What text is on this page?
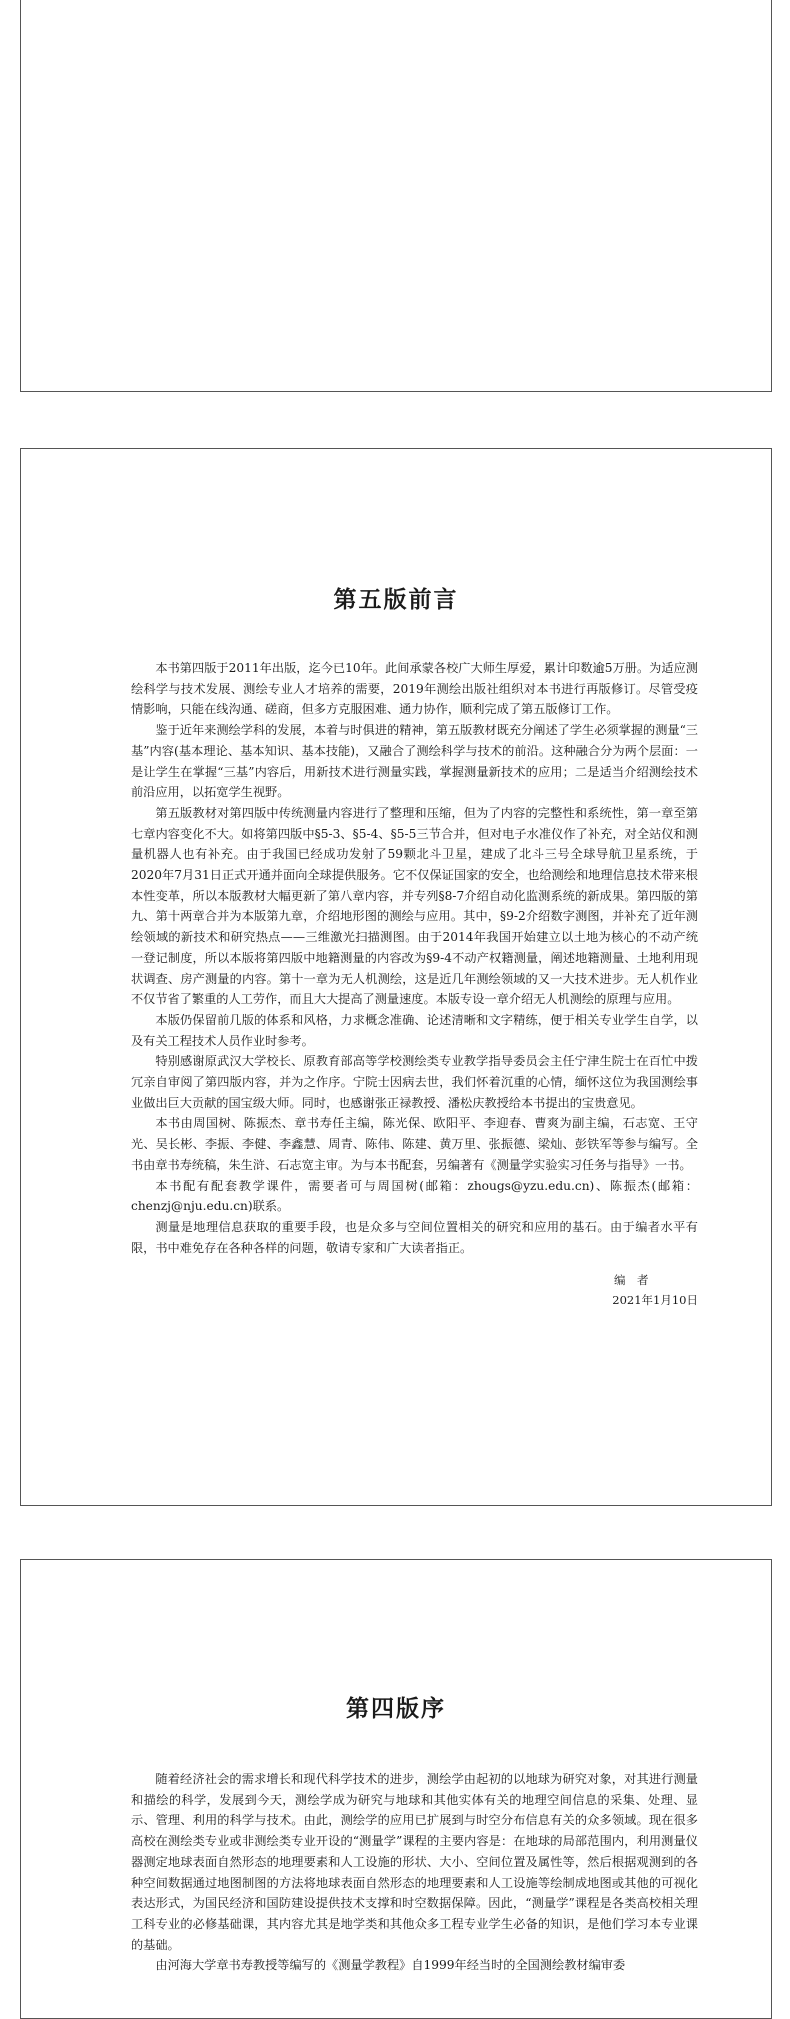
第五版前言

本书第四版于2011年出版，迄今已10年。此间承蒙各校广大师生厚爱，累计印数逾5万册。为适应测绘科学与技术发展、测绘专业人才培养的需要，2019年测绘出版社组织对本书进行再版修订。尽管受疫情影响，只能在线沟通、磋商，但多方克服困难、通力协作，顺利完成了第五版修订工作。

鉴于近年来测绘学科的发展，本着与时俱进的精神，第五版教材既充分阐述了学生必须掌握的测量“三基”内容(基本理论、基本知识、基本技能)，又融合了测绘科学与技术的前沿。这种融合分为两个层面：一是让学生在掌握“三基”内容后，用新技术进行测量实践，掌握测量新技术的应用；二是适当介绍测绘技术前沿应用，以拓宽学生视野。

第五版教材对第四版中传统测量内容进行了整理和压缩，但为了内容的完整性和系统性，第一章至第七章内容变化不大。如将第四版中§5-3、§5-4、§5-5三节合并，但对电子水准仪作了补充，对全站仪和测量机器人也有补充。由于我国已经成功发射了59颗北斗卫星，建成了北斗三号全球导航卫星系统，于2020年7月31日正式开通并面向全球提供服务。它不仅保证国家的安全，也给测绘和地理信息技术带来根本性变革，所以本版教材大幅更新了第八章内容，并专列§8-7介绍自动化监测系统的新成果。第四版的第九、第十两章合并为本版第九章，介绍地形图的测绘与应用。其中，§9-2介绍数字测图，并补充了近年测绘领域的新技术和研究热点——三维激光扫描测图。由于2014年我国开始建立以土地为核心的不动产统一登记制度，所以本版将第四版中地籍测量的内容改为§9-4不动产权籍测量，阐述地籍测量、土地利用现状调查、房产测量的内容。第十一章为无人机测绘，这是近几年测绘领域的又一大技术进步。无人机作业不仅节省了繁重的人工劳作，而且大大提高了测量速度。本版专设一章介绍无人机测绘的原理与应用。

本版仍保留前几版的体系和风格，力求概念准确、论述清晰和文字精练，便于相关专业学生自学，以及有关工程技术人员作业时参考。

特别感谢原武汉大学校长、原教育部高等学校测绘类专业教学指导委员会主任宁津生院士在百忙中拨冗亲自审阅了第四版内容，并为之作序。宁院士因病去世，我们怀着沉重的心情，缅怀这位为我国测绘事业做出巨大贡献的国宝级大师。同时，也感谢张正禄教授、潘松庆教授给本书提出的宝贵意见。

本书由周国树、陈振杰、章书寿任主编，陈光保、欧阳平、李迎春、曹爽为副主编，石志宽、王守光、吴长彬、李振、李健、李鑫慧、周青、陈伟、陈建、黄万里、张振德、梁灿、彭铁军等参与编写。全书由章书寿统稿，朱生浒、石志宽主审。为与本书配套，另编著有《测量学实验实习任务与指导》一书。

本书配有配套教学课件，需要者可与周国树(邮箱：zhougs@yzu.edu.cn)、陈振杰(邮箱：chenzj@nju.edu.cn)联系。

测量是地理信息获取的重要手段，也是众多与空间位置相关的研究和应用的基石。由于编者水平有限，书中难免存在各种各样的问题，敬请专家和广大读者指正。

编者
2021年1月10日
第四版序

随着经济社会的需求增长和现代科学技术的进步，测绘学由起初的以地球为研究对象，对其进行测量和描绘的科学，发展到今天，测绘学成为研究与地球和其他实体有关的地理空间信息的采集、处理、显示、管理、利用的科学与技术。由此，测绘学的应用已扩展到与时空分布信息有关的众多领域。现在很多高校在测绘类专业或非测绘类专业开设的“测量学”课程的主要内容是：在地球的局部范围内，利用测量仪器测定地球表面自然形态的地理要素和人工设施的形状、大小、空间位置及属性等，然后根据观测到的各种空间数据通过地图制图的方法将地球表面自然形态的地理要素和人工设施等绘制成地图或其他的可视化表达形式，为国民经济和国防建设提供技术支撑和时空数据保障。因此，“测量学”课程是各类高校相关理工科专业的必修基础课，其内容尤其是地学类和其他众多工程专业学生必备的知识，是他们学习本专业课的基础。

由河海大学章书寿教授等编写的《测量学教程》自1999年经当时的全国测绘教材编审委
